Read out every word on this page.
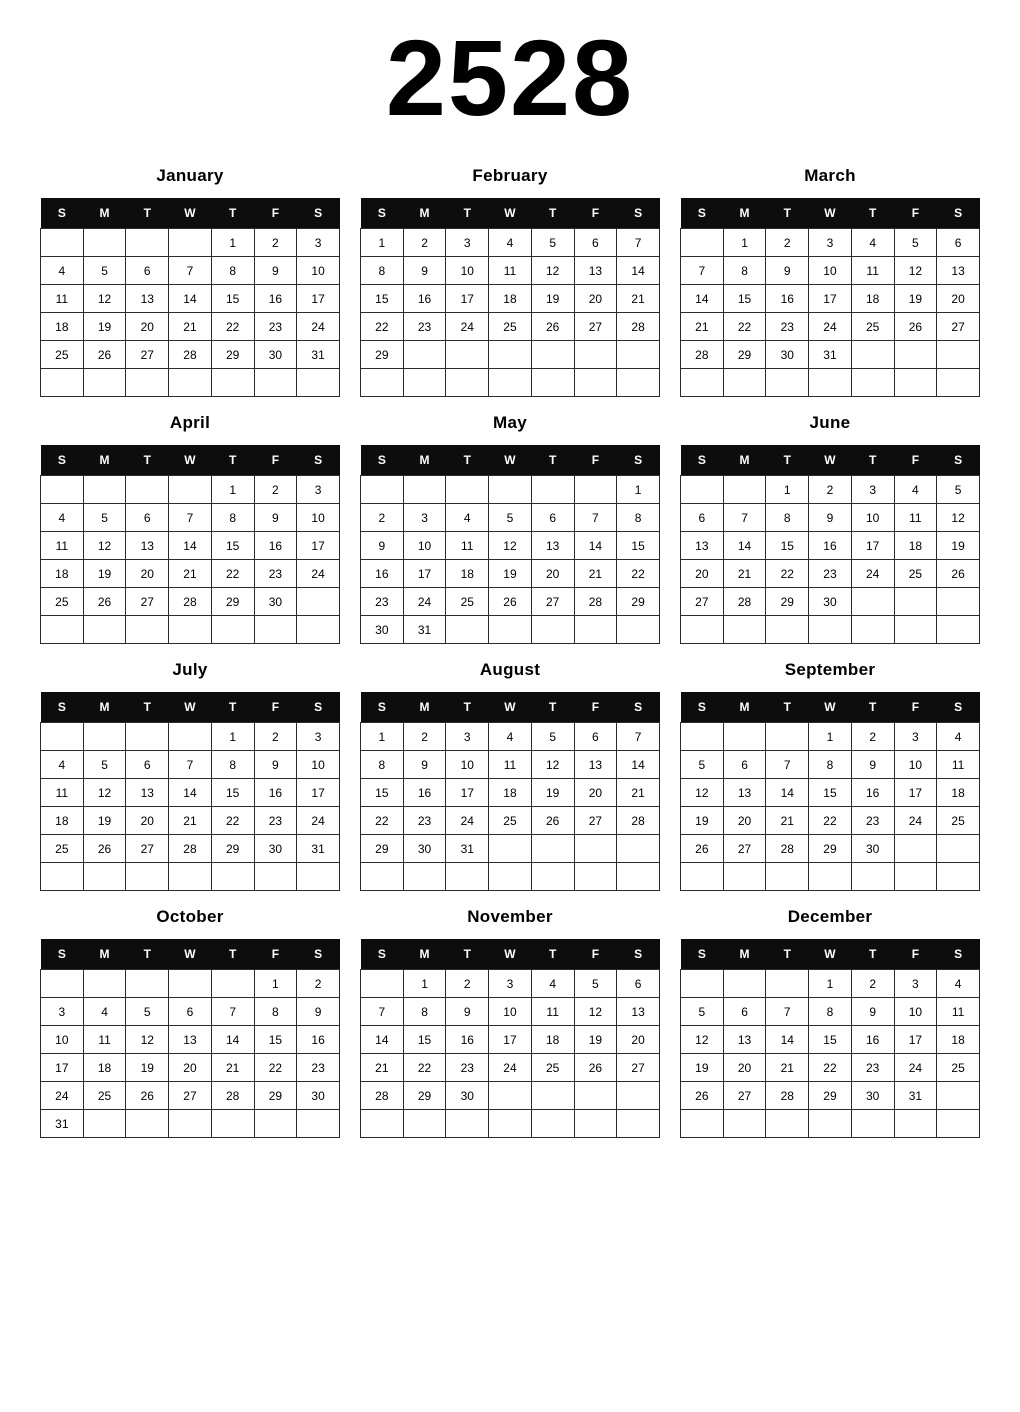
2528
January
S	M	T	W	T	F	S
				1	2	3
4	5	6	7	8	9	10
11	12	13	14	15	16	17
18	19	20	21	22	23	24
25	26	27	28	29	30	31

February
S	M	T	W	T	F	S
1	2	3	4	5	6	7
8	9	10	11	12	13	14
15	16	17	18	19	20	21
22	23	24	25	26	27	28
29						

March
S	M	T	W	T	F	S
	1	2	3	4	5	6
7	8	9	10	11	12	13
14	15	16	17	18	19	20
21	22	23	24	25	26	27
28	29	30	31			

April
S	M	T	W	T	F	S
				1	2	3
4	5	6	7	8	9	10
11	12	13	14	15	16	17
18	19	20	21	22	23	24
25	26	27	28	29	30	

May
S	M	T	W	T	F	S
						1
2	3	4	5	6	7	8
9	10	11	12	13	14	15
16	17	18	19	20	21	22
23	24	25	26	27	28	29
30	31					
June
S	M	T	W	T	F	S
		1	2	3	4	5
6	7	8	9	10	11	12
13	14	15	16	17	18	19
20	21	22	23	24	25	26
27	28	29	30			

July
S	M	T	W	T	F	S
				1	2	3
4	5	6	7	8	9	10
11	12	13	14	15	16	17
18	19	20	21	22	23	24
25	26	27	28	29	30	31

August
S	M	T	W	T	F	S
1	2	3	4	5	6	7
8	9	10	11	12	13	14
15	16	17	18	19	20	21
22	23	24	25	26	27	28
29	30	31				

September
S	M	T	W	T	F	S
			1	2	3	4
5	6	7	8	9	10	11
12	13	14	15	16	17	18
19	20	21	22	23	24	25
26	27	28	29	30		

October
S	M	T	W	T	F	S
					1	2
3	4	5	6	7	8	9
10	11	12	13	14	15	16
17	18	19	20	21	22	23
24	25	26	27	28	29	30
31						
November
S	M	T	W	T	F	S
	1	2	3	4	5	6
7	8	9	10	11	12	13
14	15	16	17	18	19	20
21	22	23	24	25	26	27
28	29	30				

December
S	M	T	W	T	F	S
			1	2	3	4
5	6	7	8	9	10	11
12	13	14	15	16	17	18
19	20	21	22	23	24	25
26	27	28	29	30	31	
